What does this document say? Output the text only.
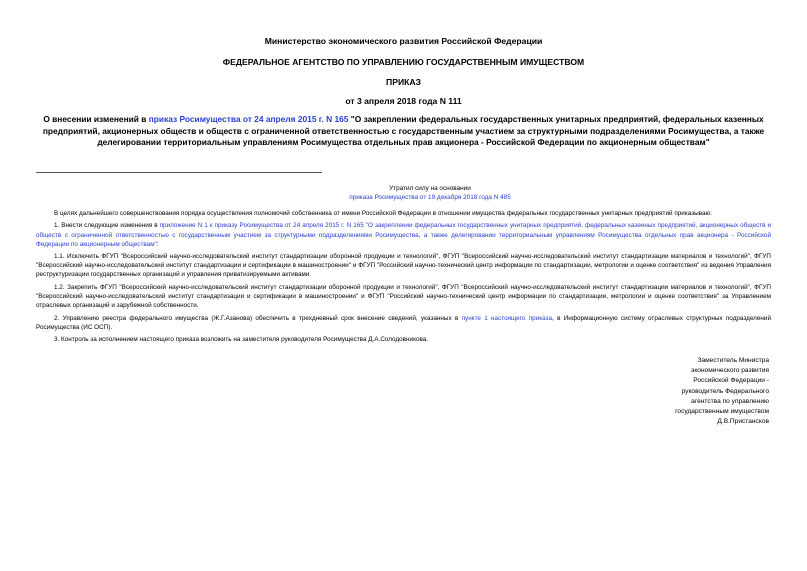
Министерство экономического развития Российской Федерации
ФЕДЕРАЛЬНОЕ АГЕНТСТВО ПО УПРАВЛЕНИЮ ГОСУДАРСТВЕННЫМ ИМУЩЕСТВОМ
ПРИКАЗ
от 3 апреля 2018 года N 111
О внесении изменений в приказ Росимущества от 24 апреля 2015 г. N 165 "О закреплении федеральных государственных унитарных предприятий, федеральных казенных предприятий, акционерных обществ и обществ с ограниченной ответственностью с государственным участием за структурными подразделениями Росимущества, а также делегировании территориальным управлениям Росимущества отдельных прав акционера - Российской Федерации по акционерным обществам"
Утратил силу на основании
приказа Росимущества от 19 декабря 2018 года N 485

В целях дальнейшего совершенствования порядка осуществления полномочий собственника от имени Российской Федерации в отношении имущества федеральных государственных унитарных предприятий приказываю:

1. Внести следующие изменения в приложение N 1 к приказу Росимущества от 24 апреля 2015 г. N 165 "О закреплении федеральных государственных унитарных предприятий, федеральных казенных предприятий, акционерных обществ и обществ с ограниченной ответственностью с государственным участием за структурными подразделениями Росимущества, а также делегировании территориальным управлениям Росимущества отдельных прав акционера - Российской Федерации по акционерным обществам":

1.1. Исключить ФГУП "Всероссийский научно-исследовательский институт стандартизации оборонной продукции и технологий", ФГУП "Всероссийский научно-исследовательский институт стандартизации материалов и технологий", ФГУП "Всероссийский научно-исследовательский институт стандартизации и сертификации в машиностроении" и ФГУП "Российский научно-технический центр информации по стандартизации, метрологии и оценке соответствия" из ведения Управления реструктуризации государственных организаций и управления приватизируемыми активами.

1.2. Закрепить ФГУП "Всероссийский научно-исследовательский институт стандартизации оборонной продукции и технологий", ФГУП "Всероссийский научно-исследовательский институт стандартизации материалов и технологий", ФГУП "Всероссийский научно-исследовательский институт стандартизации и сертификации в машиностроении" и ФГУП "Российский научно-технический центр информации по стандартизации, метрологии и оценке соответствия" за Управлением отраслевых организаций и зарубежной собственности.

2. Управлению реестра федерального имущества (Ж.Г.Азанова) обеспечить в трехдневный срок внесение сведений, указанных в пункте 1 настоящего приказа, в Информационную систему отраслевых структурных подразделений Росимущества (ИС ОСП).

3. Контроль за исполнением настоящего приказа возложить на заместителя руководителя Росимущества Д.А.Солодовникова.

Заместитель Министра
экономического развития
Российской Федерации -
руководитель Федерального
агентства по управлению
государственным имуществом
Д.В.Пристансков
